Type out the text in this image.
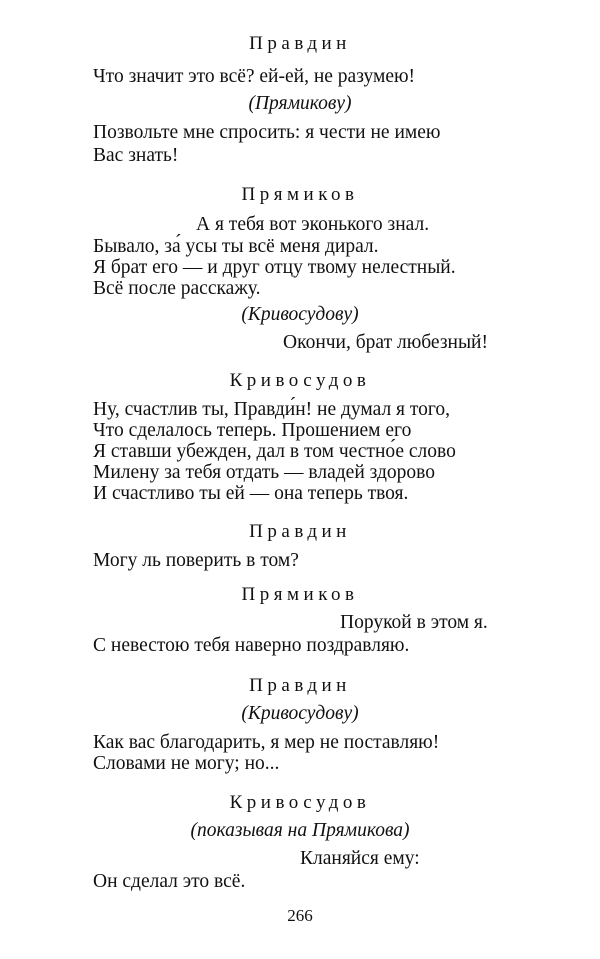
Правдин
Что значит это всё? ей-ей, не разумею!
(Прямикову)
Позвольте мне спросить: я чести не имею
Вас знать!
Прямиков
А я тебя вот эконького знал.
Бывало, за́ усы ты всё меня дирал.
Я брат его — и друг отцу твому нелестный.
Всё после расскажу.
(Кривосудову)
Окончи, брат любезный!
Кривосудов
Ну, счастлив ты, Правди́н! не думал я того,
Что сделалось теперь. Прошением его
Я ставши убежден, дал в том честно́е слово
Милену за тебя отдать — владей здорово
И счастливо ты ей — она теперь твоя.
Правдин
Могу ль поверить в том?
Прямиков
Порукой в этом я.
С невестою тебя наверно поздравляю.
Правдин
(Кривосудову)
Как вас благодарить, я мер не поставляю!
Словами не могу; но...
Кривосудов
(показывая на Прямикова)
Кланяйся ему:
Он сделал это всё.
266
